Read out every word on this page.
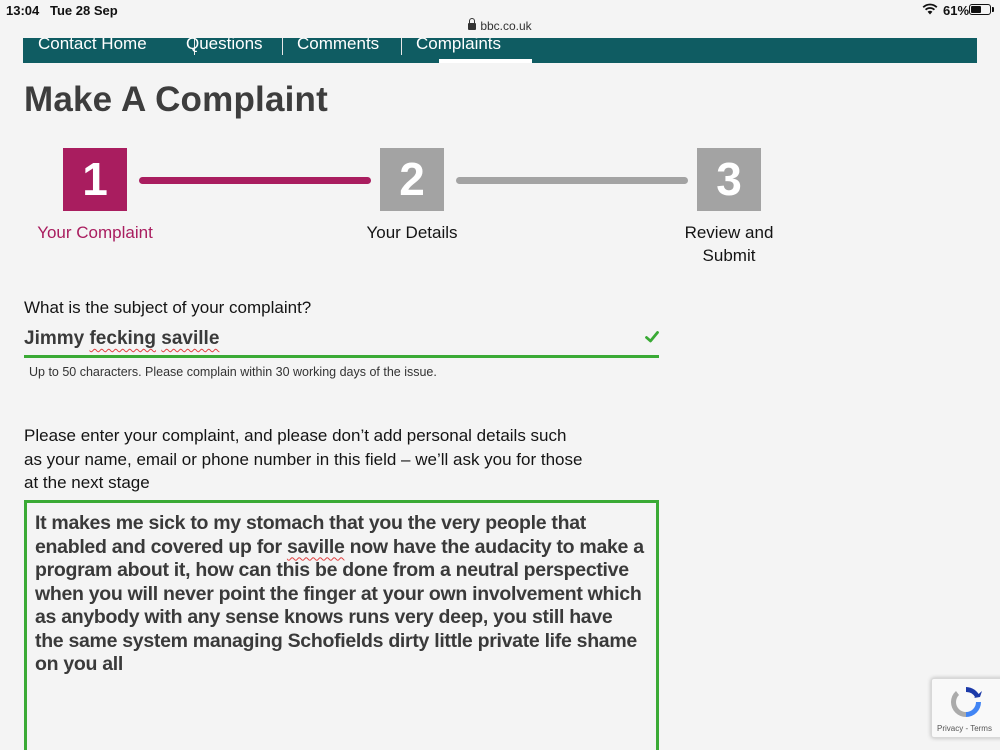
13:04 Tue 28 Sep
bbc.co.uk
61%
Contact Home Questions Comments Complaints
Make A Complaint
1	2	3
Your Complaint	Your Details	Review and
Submit
What is the subject of your complaint?
Jimmy fecking saville
Up to 50 characters. Please complain within 30 working days of the issue.
Please enter your complaint, and please don’t add personal details such as your name, email or phone number in this field – we’ll ask you for those at the next stage
It makes me sick to my stomach that you the very people that enabled and covered up for saville now have the audacity to make a program about it, how can this be done from a neutral perspective when you will never point the finger at your own involvement which as anybody with any sense knows runs very deep, you still have the same system managing Schofields dirty little private life shame on you all
Privacy - Terms
